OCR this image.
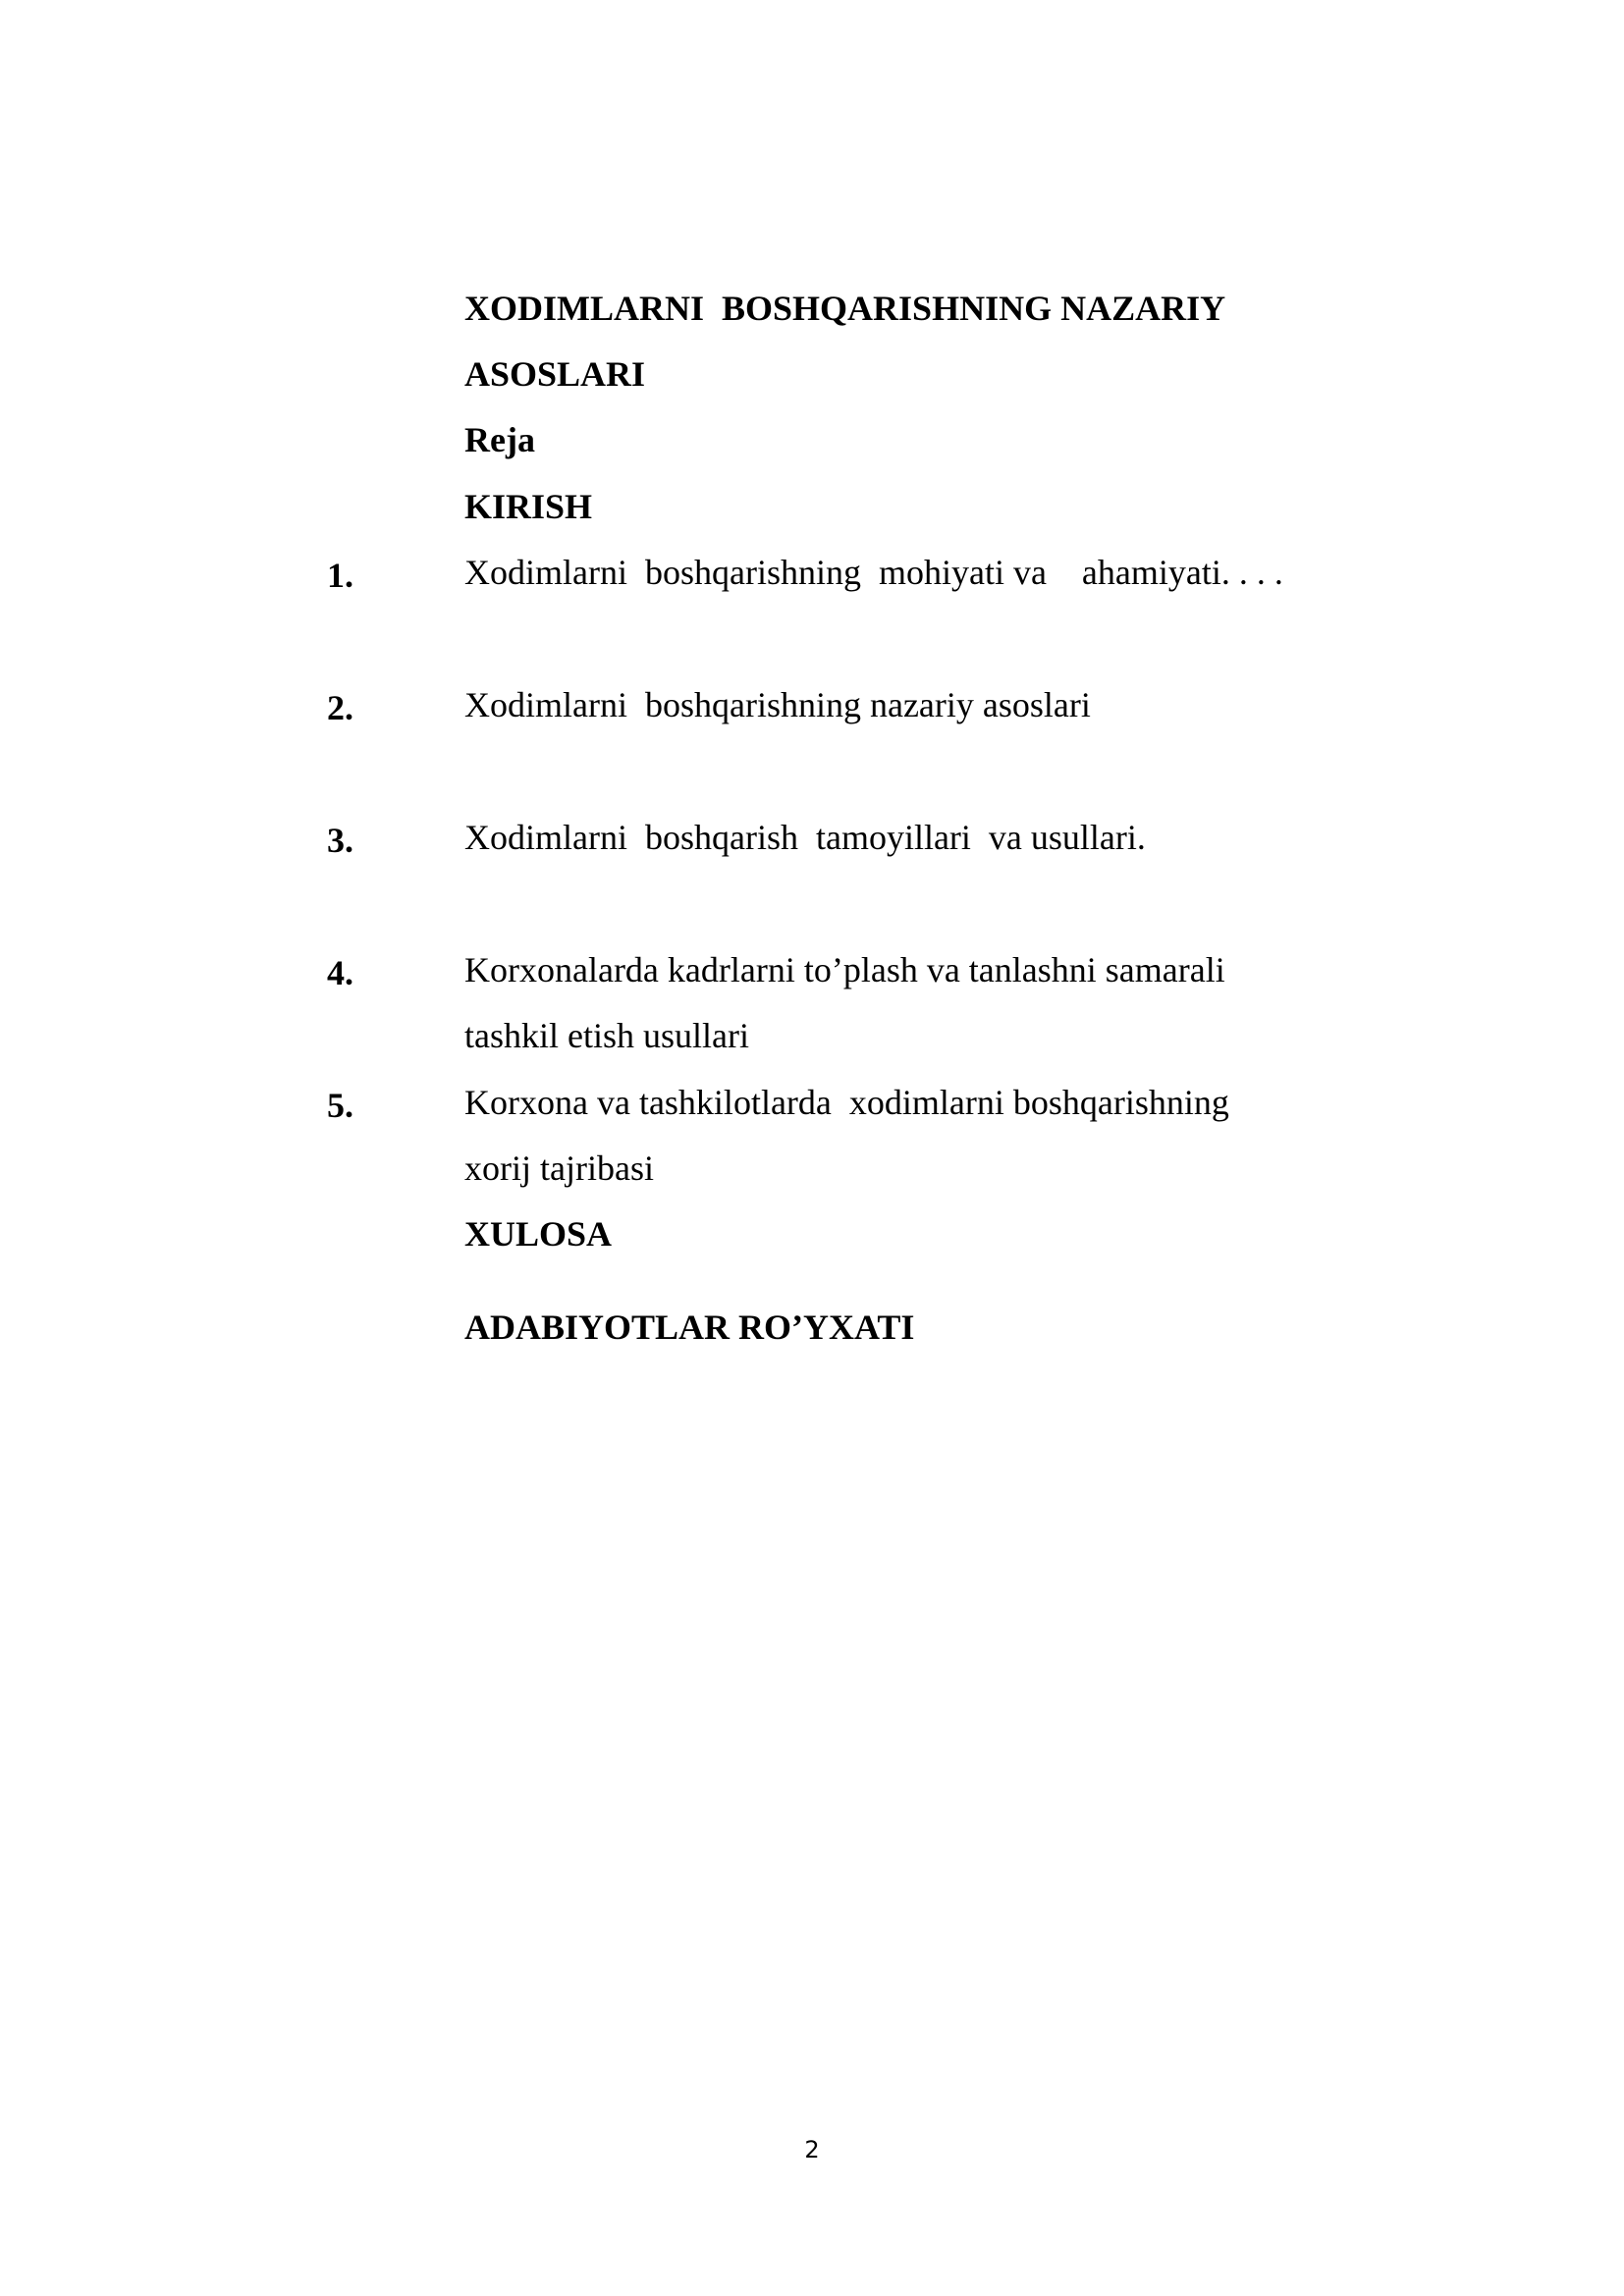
XODIMLARNI  BOSHQARISHNING NAZARIY
ASOSLARI
Reja
KIRISH
1.	Xodimlarni  boshqarishning  mohiyati va    ahamiyati. . . .
2.	Xodimlarni  boshqarishning nazariy asoslari
3.	Xodimlarni  boshqarish  tamoyillari  va usullari.
4.	Korxonalarda kadrlarni to’plash va tanlashni samarali
tashkil etish usullari
5.	Korxona va tashkilotlarda  xodimlarni boshqarishning
xorij tajribasi
XULOSA
ADABIYOTLAR RO’YXATI
2
